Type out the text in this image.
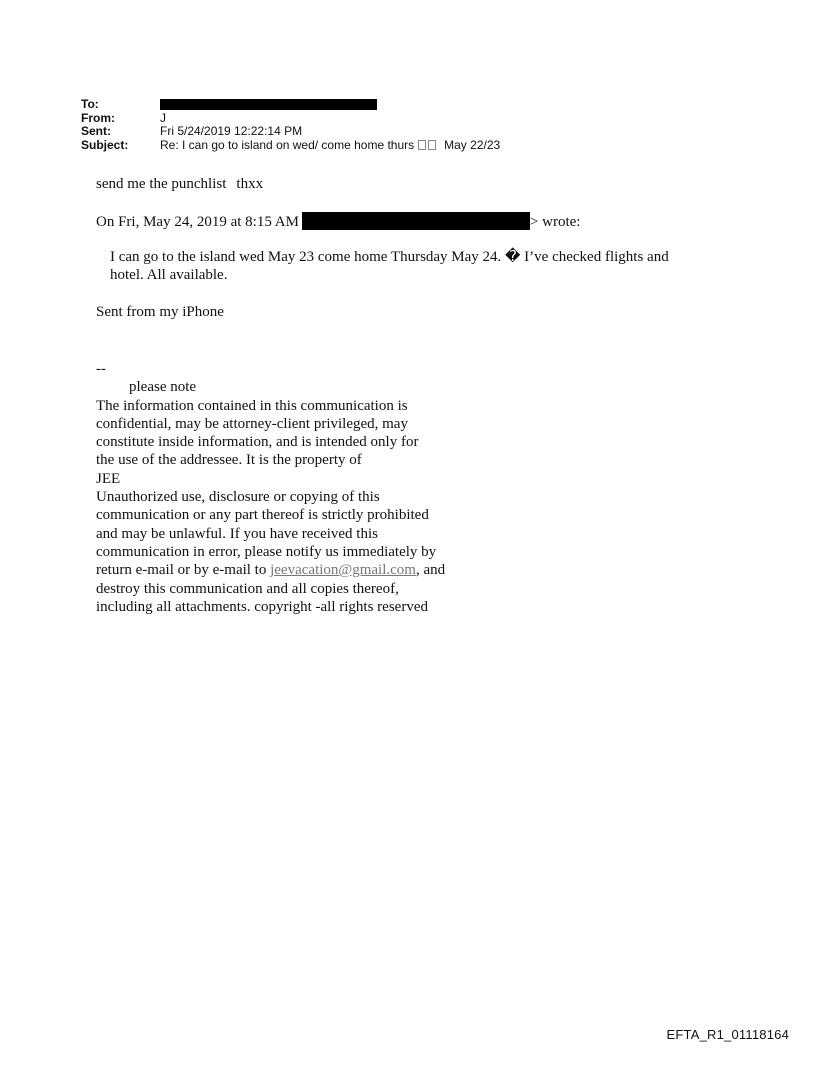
To:
From:	J
Sent:	Fri 5/24/2019 12:22:14 PM
Subject:	Re: I can go to island on wed/ come home thurs	May 22/23
send me the punchlist thxx
On Fri, May 24, 2019 at 8:15 AM	> wrote:
I can go to the island wed May 23 come home Thursday May 24. � I’ve checked flights and
hotel. All available.
Sent from my iPhone
--
please note
The information contained in this communication is
confidential, may be attorney-client privileged, may
constitute inside information, and is intended only for
the use of the addressee. It is the property of
JEE
Unauthorized use, disclosure or copying of this
communication or any part thereof is strictly prohibited
and may be unlawful. If you have received this
communication in error, please notify us immediately by
return e-mail or by e-mail to jeevacation@gmail.com, and
destroy this communication and all copies thereof,
including all attachments. copyright -all rights reserved
EFTA_R1_01118164
